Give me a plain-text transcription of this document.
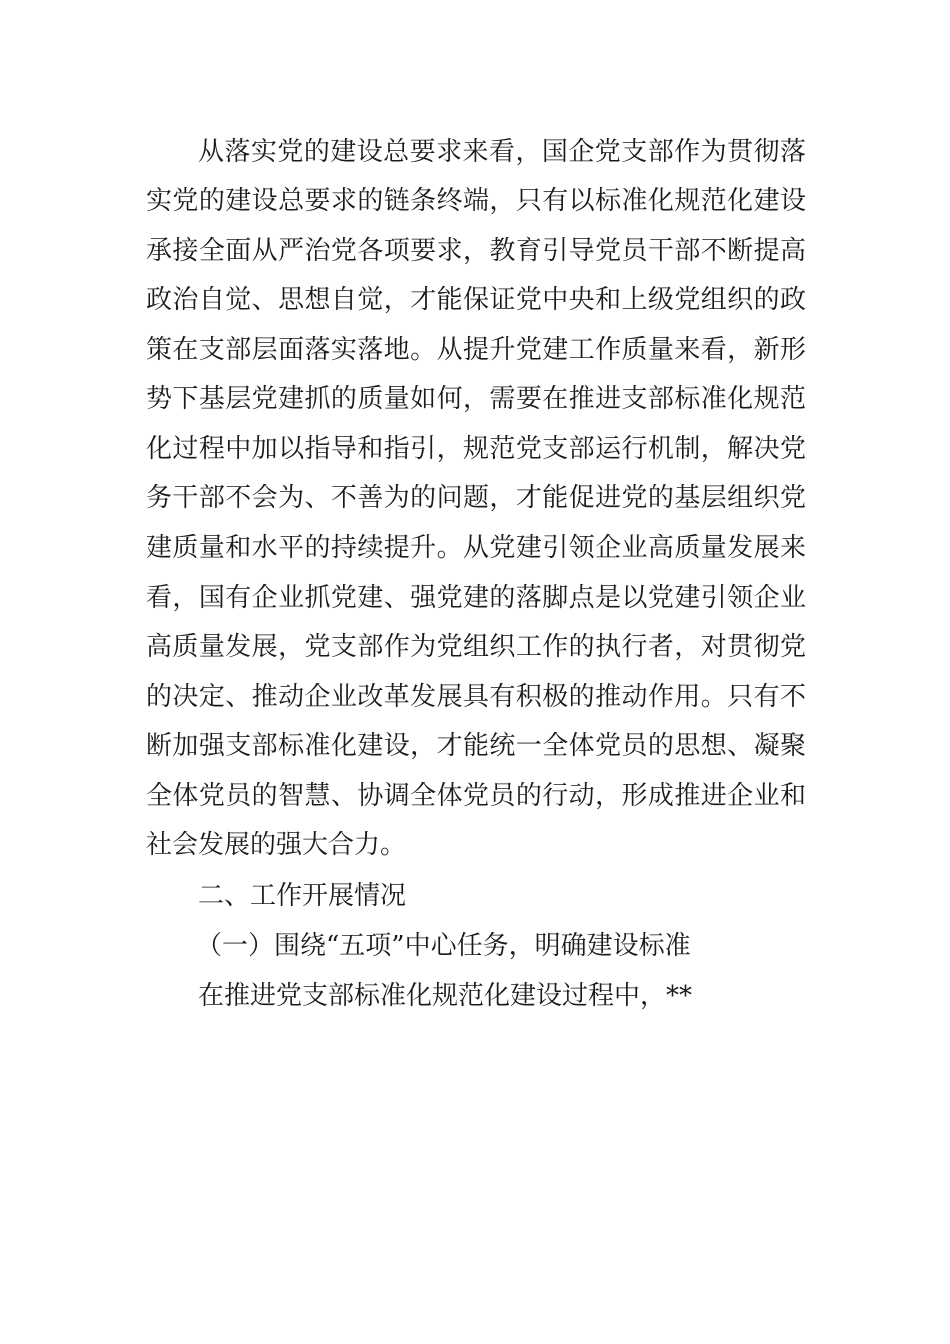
从落实党的建设总要求来看，国企党支部作为贯彻落
实党的建设总要求的链条终端，只有以标准化规范化建设
承接全面从严治党各项要求，教育引导党员干部不断提高
政治自觉、思想自觉，才能保证党中央和上级党组织的政
策在支部层面落实落地。从提升党建工作质量来看，新形
势下基层党建抓的质量如何，需要在推进支部标准化规范
化过程中加以指导和指引，规范党支部运行机制，解决党
务干部不会为、不善为的问题，才能促进党的基层组织党
建质量和水平的持续提升。从党建引领企业高质量发展来
看，国有企业抓党建、强党建的落脚点是以党建引领企业
高质量发展，党支部作为党组织工作的执行者，对贯彻党
的决定、推动企业改革发展具有积极的推动作用。只有不
断加强支部标准化建设，才能统一全体党员的思想、凝聚
全体党员的智慧、协调全体党员的行动，形成推进企业和
社会发展的强大合力。
二、工作开展情况
（一）围绕“五项”中心任务，明确建设标准
在推进党支部标准化规范化建设过程中，**
